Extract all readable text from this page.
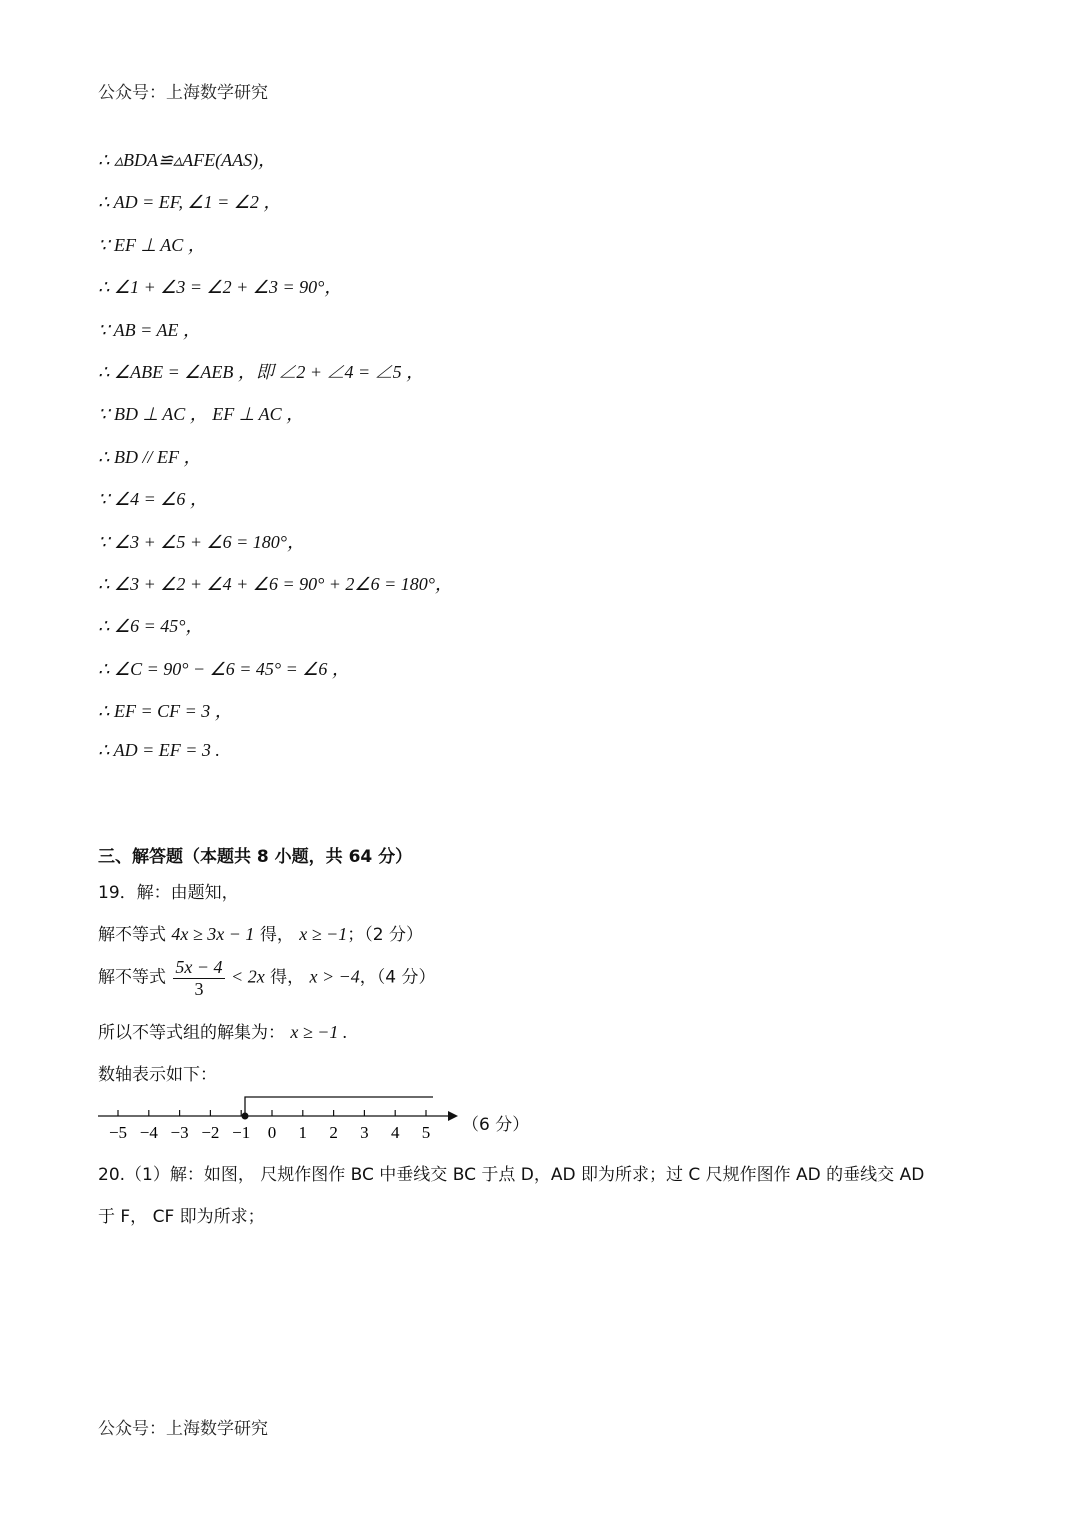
公众号：上海数学研究
∴ ▵BDA≌▵AFE(AAS)，
∴ AD = EF, ∠1 = ∠2 ，
∵ EF ⊥ AC ，
∴ ∠1 + ∠3 = ∠2 + ∠3 = 90°，
∵ AB = AE ，
∴ ∠ABE = ∠AEB ，即 ∠2 + ∠4 = ∠5 ，
∵ BD ⊥ AC ， EF ⊥ AC ，
∴ BD // EF ，
∵ ∠4 = ∠6 ，
∵ ∠3 + ∠5 + ∠6 = 180°，
∴ ∠3 + ∠2 + ∠4 + ∠6 = 90° + 2∠6 = 180°，
∴ ∠6 = 45°，
∴ ∠C = 90° − ∠6 = 45° = ∠6 ，
∴ EF = CF = 3 ，
∴ AD = EF = 3 .
三、解答题（本题共 8 小题，共 64 分）
19．解：由题知，
解不等式 4x ≥ 3x − 1 得， x ≥ −1；（2 分）
解不等式 $\frac{5x - 4}{3} < 2x$ 得， x > −4，（4 分）
所以不等式组的解集为： x ≥ −1 .
数轴表示如下：
−5 −4 −3 −2 −1 0 1 2 3 4 5 （6 分）
20.（1）解：如图， 尺规作图作 BC 中垂线交 BC 于点 D，AD 即为所求；过 C 尺规作图作 AD 的垂线交 AD
于 F， CF 即为所求；
公众号：上海数学研究
